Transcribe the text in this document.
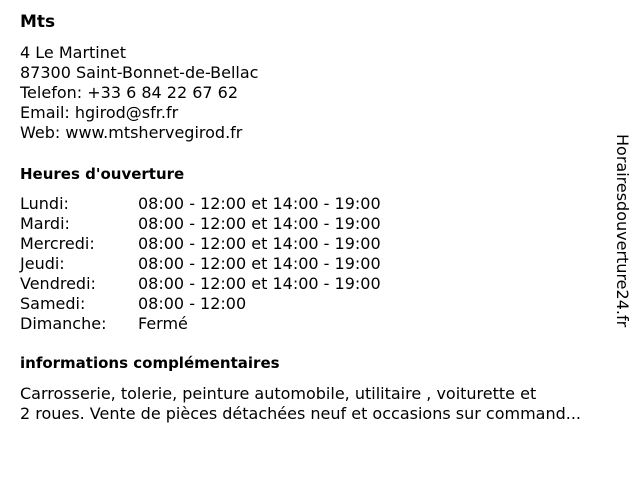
Mts
4 Le Martinet
87300 Saint-Bonnet-de-Bellac
Telefon: +33 6 84 22 67 62
Email: hgirod@sfr.fr
Web: www.mtshervegirod.fr
Heures d'ouverture
Lundi:	08:00 - 12:00 et 14:00 - 19:00
Mardi:	08:00 - 12:00 et 14:00 - 19:00
Mercredi:	08:00 - 12:00 et 14:00 - 19:00
Jeudi:	08:00 - 12:00 et 14:00 - 19:00
Vendredi:	08:00 - 12:00 et 14:00 - 19:00
Samedi:	08:00 - 12:00
Dimanche: Fermé
informations complémentaires
Carrosserie, tolerie, peinture automobile, utilitaire , voiturette et
2 roues. Vente de pièces détachées neuf et occasions sur command...
Horairesdouverture24.fr
